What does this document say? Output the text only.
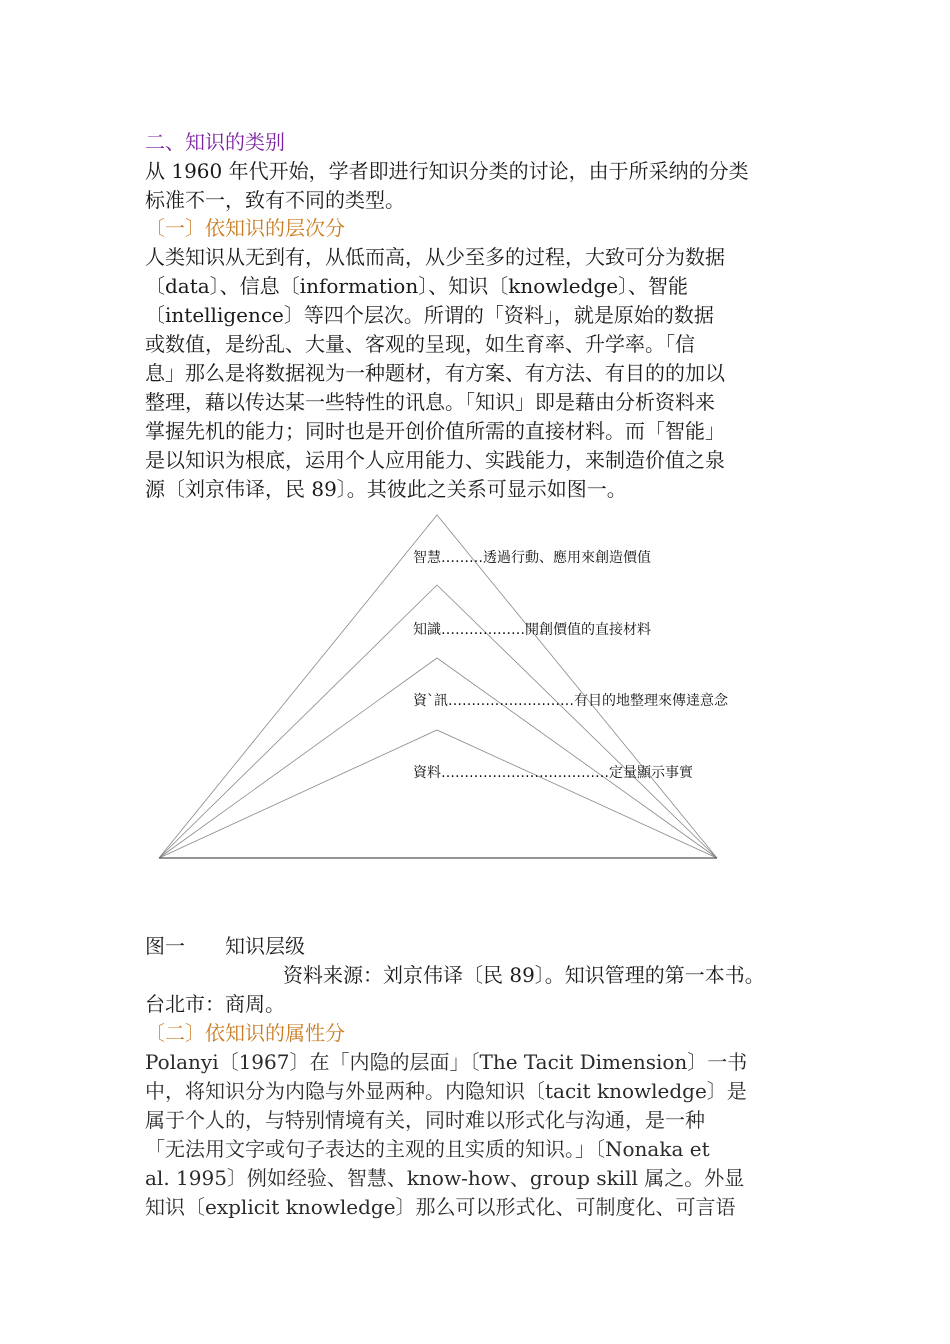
二、知识的类别

从 1960 年代开始，学者即进行知识分类的讨论，由于所采纳的分类

标准不一，致有不同的类型。

〔一〕依知识的层次分

人类知识从无到有，从低而高，从少至多的过程，大致可分为数据

〔data〕、信息〔information〕、知识〔knowledge〕、智能

〔intelligence〕等四个层次。所谓的「资料」，就是原始的数据

或数值，是纷乱、大量、客观的呈现，如生育率、升学率。「信

息」那么是将数据视为一种题材，有方案、有方法、有目的的加以

整理，藉以传达某一些特性的讯息。「知识」即是藉由分析资料来

掌握先机的能力；同时也是开创价值所需的直接材料。而「智能」

是以知识为根底，运用个人应用能力、实践能力，来制造价值之泉

源〔刘京伟译，民 89〕。其彼此之关系可显示如图一。

智慧………透過行動、應用來創造價值
知識………………開創價值的直接材料
資`訊………………………有目的地整理來傳達意念
資料………………………………定量顯示事實

图一　　知识层级

资料来源：刘京伟译〔民 89〕。知识管理的第一本书。

台北市：商周。

〔二〕依知识的属性分

Polanyi〔1967〕在「内隐的层面」〔The Tacit Dimension〕一书

中，将知识分为内隐与外显两种。内隐知识〔tacit knowledge〕是

属于个人的，与特别情境有关，同时难以形式化与沟通，是一种

「无法用文字或句子表达的主观的且实质的知识。」〔Nonaka et

al. 1995〕例如经验、智慧、know-how、group skill 属之。外显

知识〔explicit knowledge〕那么可以形式化、可制度化、可言语
